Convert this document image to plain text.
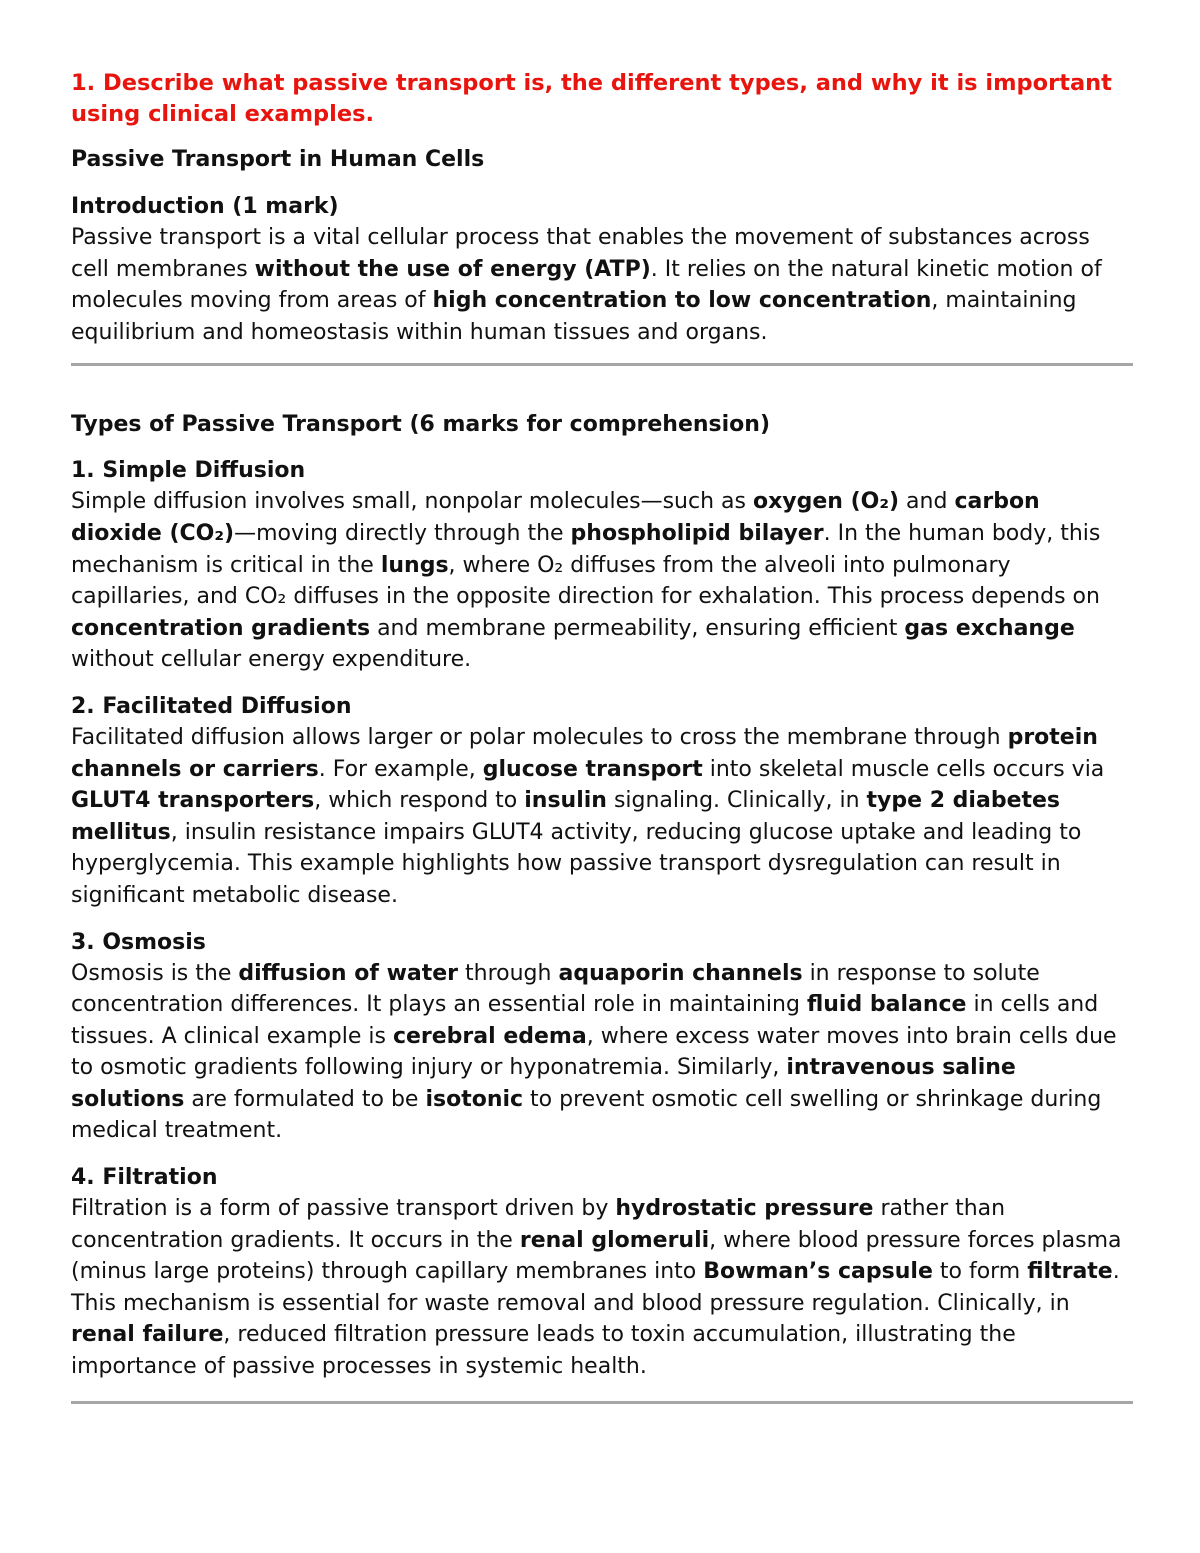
1. Describe what passive transport is, the different types, and why it is important using clinical examples.

Passive Transport in Human Cells

Introduction (1 mark)

Passive transport is a vital cellular process that enables the movement of substances across cell membranes without the use of energy (ATP). It relies on the natural kinetic motion of molecules moving from areas of high concentration to low concentration, maintaining equilibrium and homeostasis within human tissues and organs.

Types of Passive Transport (6 marks for comprehension)

1. Simple Diffusion

Simple diffusion involves small, nonpolar molecules—such as oxygen (O₂) and carbon dioxide (CO₂)—moving directly through the phospholipid bilayer. In the human body, this mechanism is critical in the lungs, where O₂ diffuses from the alveoli into pulmonary capillaries, and CO₂ diffuses in the opposite direction for exhalation. This process depends on concentration gradients and membrane permeability, ensuring efficient gas exchange without cellular energy expenditure.

2. Facilitated Diffusion

Facilitated diffusion allows larger or polar molecules to cross the membrane through protein channels or carriers. For example, glucose transport into skeletal muscle cells occurs via GLUT4 transporters, which respond to insulin signaling. Clinically, in type 2 diabetes mellitus, insulin resistance impairs GLUT4 activity, reducing glucose uptake and leading to hyperglycemia. This example highlights how passive transport dysregulation can result in significant metabolic disease.

3. Osmosis

Osmosis is the diffusion of water through aquaporin channels in response to solute concentration differences. It plays an essential role in maintaining fluid balance in cells and tissues. A clinical example is cerebral edema, where excess water moves into brain cells due to osmotic gradients following injury or hyponatremia. Similarly, intravenous saline solutions are formulated to be isotonic to prevent osmotic cell swelling or shrinkage during medical treatment.

4. Filtration

Filtration is a form of passive transport driven by hydrostatic pressure rather than concentration gradients. It occurs in the renal glomeruli, where blood pressure forces plasma (minus large proteins) through capillary membranes into Bowman’s capsule to form filtrate. This mechanism is essential for waste removal and blood pressure regulation. Clinically, in renal failure, reduced filtration pressure leads to toxin accumulation, illustrating the importance of passive processes in systemic health.
